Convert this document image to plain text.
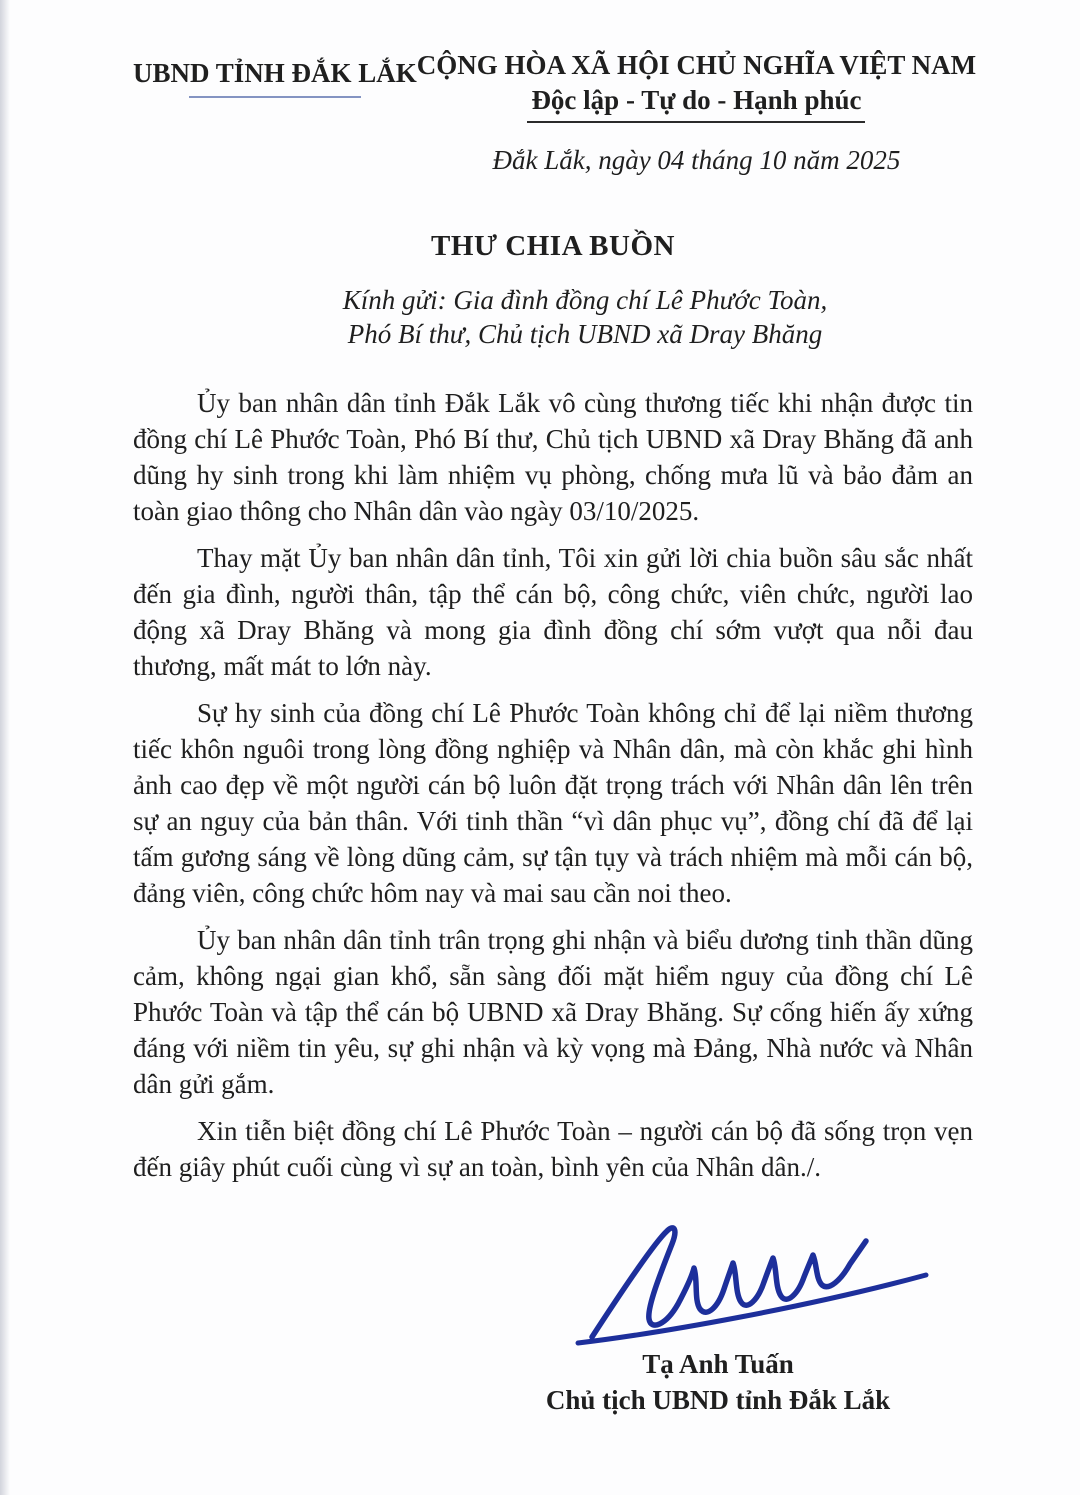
UBND TỈNH ĐẮK LẮK CỘNG HÒA XÃ HỘI CHỦ NGHĨA VIỆT NAM
Độc lập - Tự do - Hạnh phúc
Đắk Lắk, ngày 04 tháng 10 năm 2025
THƯ CHIA BUỒN
Kính gửi: Gia đình đồng chí Lê Phước Toàn,
Phó Bí thư, Chủ tịch UBND xã Dray Bhăng

Ủy ban nhân dân tỉnh Đắk Lắk vô cùng thương tiếc khi nhận được tin đồng chí Lê Phước Toàn, Phó Bí thư, Chủ tịch UBND xã Dray Bhăng đã anh dũng hy sinh trong khi làm nhiệm vụ phòng, chống mưa lũ và bảo đảm an toàn giao thông cho Nhân dân vào ngày 03/10/2025.

Thay mặt Ủy ban nhân dân tỉnh, Tôi xin gửi lời chia buồn sâu sắc nhất đến gia đình, người thân, tập thể cán bộ, công chức, viên chức, người lao động xã Dray Bhăng và mong gia đình đồng chí sớm vượt qua nỗi đau thương, mất mát to lớn này.

Sự hy sinh của đồng chí Lê Phước Toàn không chỉ để lại niềm thương tiếc khôn nguôi trong lòng đồng nghiệp và Nhân dân, mà còn khắc ghi hình ảnh cao đẹp về một người cán bộ luôn đặt trọng trách với Nhân dân lên trên sự an nguy của bản thân. Với tinh thần “vì dân phục vụ”, đồng chí đã để lại tấm gương sáng về lòng dũng cảm, sự tận tụy và trách nhiệm mà mỗi cán bộ, đảng viên, công chức hôm nay và mai sau cần noi theo.

Ủy ban nhân dân tỉnh trân trọng ghi nhận và biểu dương tinh thần dũng cảm, không ngại gian khổ, sẵn sàng đối mặt hiểm nguy của đồng chí Lê Phước Toàn và tập thể cán bộ UBND xã Dray Bhăng. Sự cống hiến ấy xứng đáng với niềm tin yêu, sự ghi nhận và kỳ vọng mà Đảng, Nhà nước và Nhân dân gửi gắm.

Xin tiễn biệt đồng chí Lê Phước Toàn – người cán bộ đã sống trọn vẹn đến giây phút cuối cùng vì sự an toàn, bình yên của Nhân dân./.

Tạ Anh Tuấn
Chủ tịch UBND tỉnh Đắk Lắk
